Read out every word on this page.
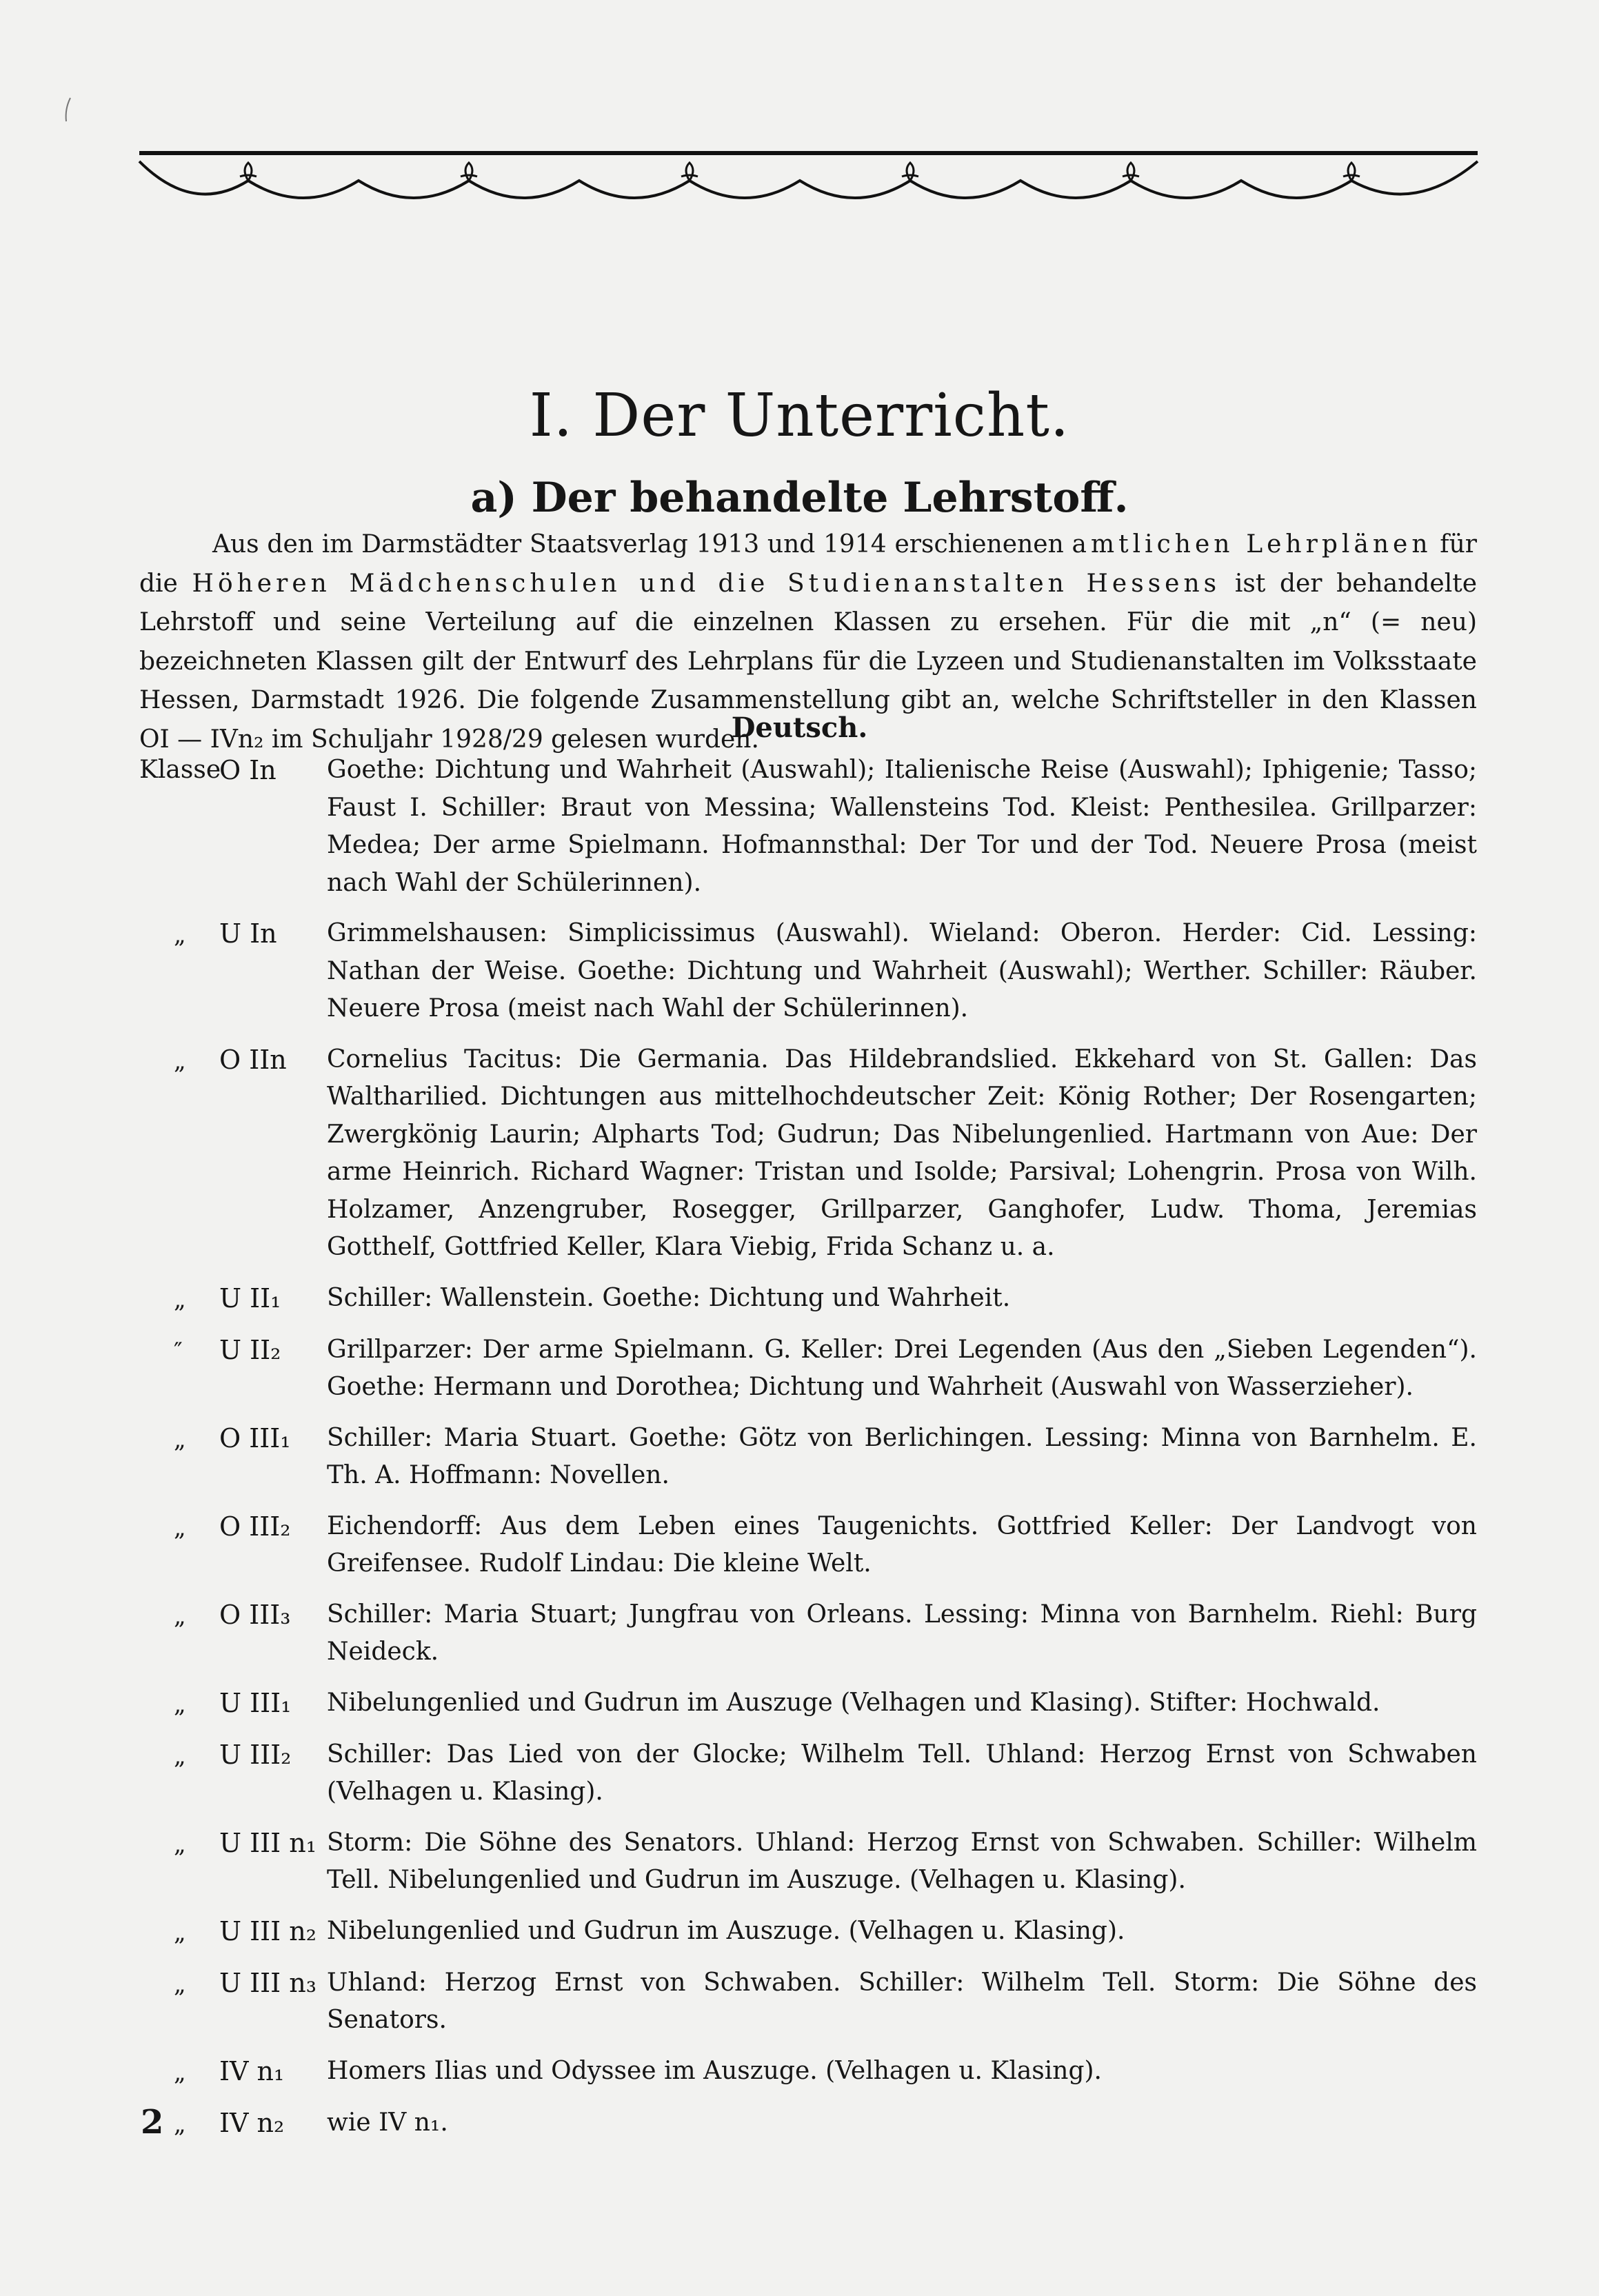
I. Der Unterricht.
a) Der behandelte Lehrstoff.

Aus den im Darmstädter Staatsverlag 1913 und 1914 erschienenen amtlichen Lehrplänen für die Höheren Mädchenschulen und die Studienanstalten Hessens ist der behandelte Lehrstoff und seine Verteilung auf die einzelnen Klassen zu ersehen. Für die mit „n“ (= neu) bezeichneten Klassen gilt der Entwurf des Lehrplans für die Lyzeen und Studienanstalten im Volksstaate Hessen, Darmstadt 1926. Die folgende Zusammenstellung gibt an, welche Schriftsteller in den Klassen OI — IVn₂ im Schuljahr 1928/29 gelesen wurden.

Deutsch.
Klasse
O In Goethe: Dichtung und Wahrheit (Auswahl); Italienische Reise (Auswahl); Iphigenie; Tasso; Faust I. Schiller: Braut von Messina; Wallensteins Tod. Kleist: Penthesilea. Grillparzer: Medea; Der arme Spielmann. Hofmannsthal: Der Tor und der Tod. Neuere Prosa (meist nach Wahl der Schülerinnen).
„ U In Grimmelshausen: Simplicissimus (Auswahl). Wieland: Oberon. Herder: Cid. Lessing: Nathan der Weise. Goethe: Dichtung und Wahrheit (Auswahl); Werther. Schiller: Räuber. Neuere Prosa (meist nach Wahl der Schülerinnen).
„ O IIn Cornelius Tacitus: Die Germania. Das Hildebrandslied. Ekkehard von St. Gallen: Das Waltharilied. Dichtungen aus mittelhochdeutscher Zeit: König Rother; Der Rosengarten; Zwergkönig Laurin; Alpharts Tod; Gudrun; Das Nibelungenlied. Hartmann von Aue: Der arme Heinrich. Richard Wagner: Tristan und Isolde; Parsival; Lohengrin. Prosa von Wilh. Holzamer, Anzengruber, Rosegger, Grillparzer, Ganghofer, Ludw. Thoma, Jeremias Gotthelf, Gottfried Keller, Klara Viebig, Frida Schanz u. a.
„ U II₁ Schiller: Wallenstein. Goethe: Dichtung und Wahrheit.
″ U II₂ Grillparzer: Der arme Spielmann. G. Keller: Drei Legenden (Aus den „Sieben Legenden“). Goethe: Hermann und Dorothea; Dichtung und Wahrheit (Auswahl von Wasserzieher).
„ O III₁ Schiller: Maria Stuart. Goethe: Götz von Berlichingen. Lessing: Minna von Barnhelm. E. Th. A. Hoffmann: Novellen.
„ O III₂ Eichendorff: Aus dem Leben eines Taugenichts. Gottfried Keller: Der Landvogt von Greifensee. Rudolf Lindau: Die kleine Welt.
„ O III₃ Schiller: Maria Stuart; Jungfrau von Orleans. Lessing: Minna von Barnhelm. Riehl: Burg Neideck.
„ U III₁ Nibelungenlied und Gudrun im Auszuge (Velhagen und Klasing). Stifter: Hochwald.
„ U III₂ Schiller: Das Lied von der Glocke; Wilhelm Tell. Uhland: Herzog Ernst von Schwaben (Velhagen u. Klasing).
„ U III n₁ Storm: Die Söhne des Senators. Uhland: Herzog Ernst von Schwaben. Schiller: Wilhelm Tell. Nibelungenlied und Gudrun im Auszuge. (Velhagen u. Klasing).
„ U III n₂ Nibelungenlied und Gudrun im Auszuge. (Velhagen u. Klasing).
„ U III n₃ Uhland: Herzog Ernst von Schwaben. Schiller: Wilhelm Tell. Storm: Die Söhne des Senators.
„ IV n₁ Homers Ilias und Odyssee im Auszuge. (Velhagen u. Klasing).
„ IV n₂ wie IV n₁.
2
